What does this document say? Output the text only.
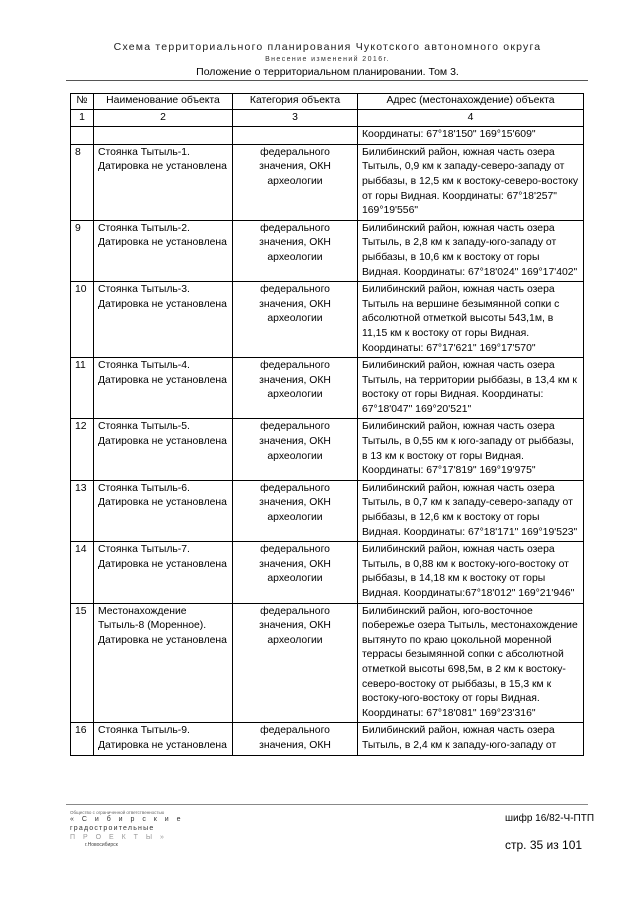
Схема территориального планирования Чукотского автономного округа
Внесение изменений 2016г.
Положение о территориальном планировании. Том 3.
№	Наименование объекта	Категория объекта	Адрес (местонахождение) объекта
1	2	3	4
			Координаты: 67°18'150" 169°15'609"
8	Стоянка Тытыль-1. Датировка не установлена	федерального значения, ОКН археологии	Билибинский район, южная часть озера Тытыль, 0,9 км к западу-северо-западу от рыббазы, в 12,5 км к востоку-северо-востоку от горы Видная. Координаты: 67°18'257" 169°19'556"
9	Стоянка Тытыль-2. Датировка не установлена	федерального значения, ОКН археологии	Билибинский район, южная часть озера Тытыль, в 2,8 км к западу-юго-западу от рыббазы, в 10,6 км к востоку от горы Видная. Координаты: 67°18'024" 169°17'402"
10	Стоянка Тытыль-3. Датировка не установлена	федерального значения, ОКН археологии	Билибинский район, южная часть озера Тытыль на вершине безымянной сопки с абсолютной отметкой высоты 543,1м, в 11,15 км к востоку от горы Видная. Координаты: 67°17'621" 169°17'570"
11	Стоянка Тытыль-4. Датировка не установлена	федерального значения, ОКН археологии	Билибинский район, южная часть озера Тытыль, на территории рыббазы, в 13,4 км к востоку от горы Видная. Координаты: 67°18'047" 169°20'521"
12	Стоянка Тытыль-5. Датировка не установлена	федерального значения, ОКН археологии	Билибинский район, южная часть озера Тытыль, в 0,55 км к юго-западу от рыббазы, в 13 км к востоку от горы Видная. Координаты: 67°17'819" 169°19'975"
13	Стоянка Тытыль-6. Датировка не установлена	федерального значения, ОКН археологии	Билибинский район, южная часть озера Тытыль, в 0,7 км к западу-северо-западу от рыббазы, в 12,6 км к востоку от горы Видная. Координаты: 67°18'171" 169°19'523"
14	Стоянка Тытыль-7. Датировка не установлена	федерального значения, ОКН археологии	Билибинский район, южная часть озера Тытыль, в 0,88 км к востоку-юго-востоку от рыббазы, в 14,18 км к востоку от горы Видная. Координаты:67°18'012" 169°21'946"
15	Местонахождение Тытыль-8 (Моренное). Датировка не установлена	федерального значения, ОКН археологии	Билибинский район, юго-восточное побережье озера Тытыль, местонахождение вытянуто по краю цокольной моренной террасы безымянной сопки с абсолютной отметкой высоты 698,5м, в 2 км к востоку-северо-востоку от рыббазы, в 15,3 км к востоку-юго-востоку от горы Видная. Координаты: 67°18'081" 169°23'316"
16	Стоянка Тытыль-9. Датировка не установлена	федерального значения, ОКН	Билибинский район, южная часть озера Тытыль, в 2,4 км к западу-юго-западу от
Общество с ограниченной ответственностью
« С и б и р с к и е
градостроительные
П Р О Е К Т Ы »
г.Новосибирск
шифр 16/82-Ч-ПТП
стр. 35 из 101
